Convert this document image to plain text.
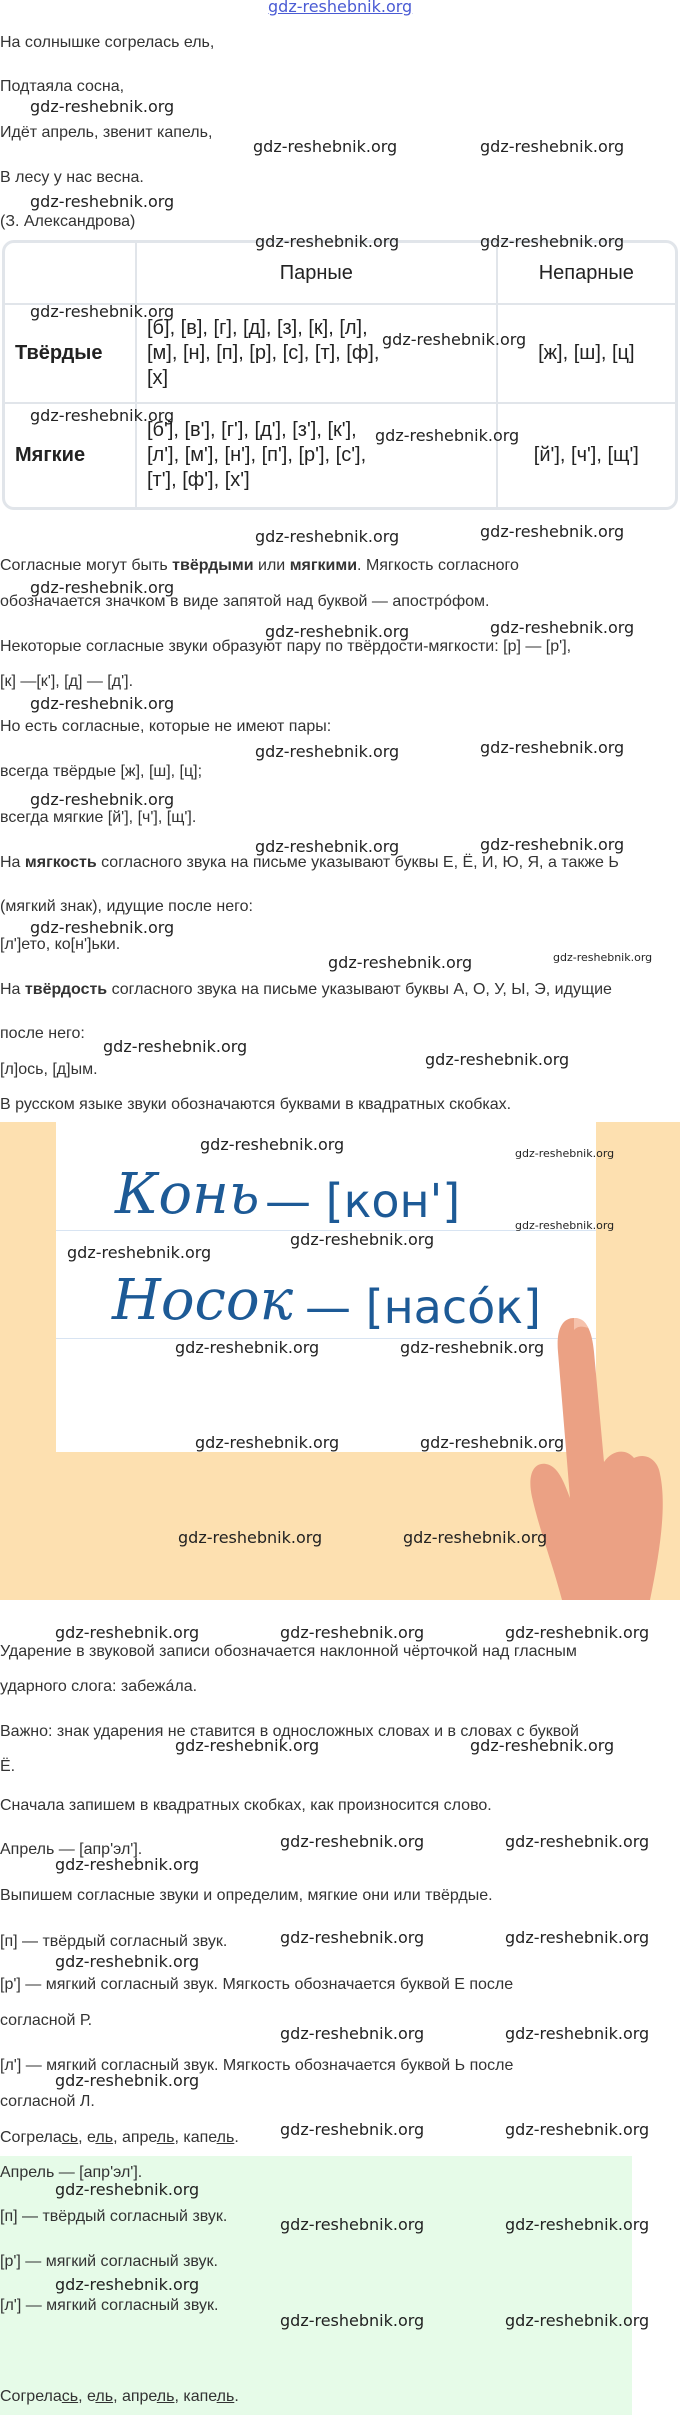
gdz-reshebnik.org
На солнышке согрелась ель,
Подтаяла сосна,
Идёт апрель, звенит капель,
В лесу у нас весна.
(З. Александрова)
	Парные	Непарные
Твёрдые	[б], [в], [г], [д], [з], [к], [л],
[м], [н], [п], [р], [с], [т], [ф],
[х]	[ж], [ш], [ц]
Мягкие	[б'], [в'], [г'], [д'], [з'], [к'],
[л'], [м'], [н'], [п'], [р'], [с'],
[т'], [ф'], [х']	[й'], [ч'], [щ']
Согласные могут быть твёрдыми или мягкими. Мягкость согласного
обозначается значком в виде запятой над буквой — апострóфом.
Некоторые согласные звуки образуют пару по твёрдости-мягкости: [р] — [р'],
[к] —[к'], [д] — [д'].
Но есть согласные, которые не имеют пары:
всегда твёрдые [ж], [ш], [ц];
всегда мягкие [й'], [ч'], [щ'].
На мягкость согласного звука на письме указывают буквы Е, Ё, И, Ю, Я, а также Ь
(мягкий знак), идущие после него:
[л']ето, ко[н']ьки.
На твёрдость согласного звука на письме указывают буквы А, О, У, Ы, Э, идущие
после него:
[л]ось, [д]ым.
В русском языке звуки обозначаются буквами в квадратных скобках.
Конь — [кон']
Носок — [насóк]
Ударение в звуковой записи обозначается наклонной чёрточкой над гласным
ударного слога: забежáла.
Важно: знак ударения не ставится в односложных словах и в словах с буквой
Ё.
Сначала запишем в квадратных скобках, как произносится слово.
Апрель — [апр'эл'].
Выпишем согласные звуки и определим, мягкие они или твёрдые.
[п] — твёрдый согласный звук.
[р'] — мягкий согласный звук. Мягкость обозначается буквой Е после
согласной Р.
[л'] — мягкий согласный звук. Мягкость обозначается буквой Ь после
согласной Л.
Согрелась, ель, апрель, капель.
Апрель — [апр'эл'].
[п] — твёрдый согласный звук.
[р'] — мягкий согласный звук.
[л'] — мягкий согласный звук.
Согрелась, ель, апрель, капель.
gdz-reshebnik.org
gdz-reshebnik.org	gdz-reshebnik.org
gdz-reshebnik.org
gdz-reshebnik.org	gdz-reshebnik.org
gdz-reshebnik.org
gdz-reshebnik.org
gdz-reshebnik.org
gdz-reshebnik.org
gdz-reshebnik.org	gdz-reshebnik.org
gdz-reshebnik.org
gdz-reshebnik.org	gdz-reshebnik.org
gdz-reshebnik.org
gdz-reshebnik.org	gdz-reshebnik.org
gdz-reshebnik.org
gdz-reshebnik.org	gdz-reshebnik.org
gdz-reshebnik.org
gdz-reshebnik.org	gdz-reshebnik.org
gdz-reshebnik.org
gdz-reshebnik.org
gdz-reshebnik.org	gdz-reshebnik.org
gdz-reshebnik.org
gdz-reshebnik.org
gdz-reshebnik.org
gdz-reshebnik.org	gdz-reshebnik.org
gdz-reshebnik.org	gdz-reshebnik.org
gdz-reshebnik.org	gdz-reshebnik.org
gdz-reshebnik.org	gdz-reshebnik.org	gdz-reshebnik.org
gdz-reshebnik.org	gdz-reshebnik.org
gdz-reshebnik.org	gdz-reshebnik.org
gdz-reshebnik.org
gdz-reshebnik.org	gdz-reshebnik.org
gdz-reshebnik.org
gdz-reshebnik.org	gdz-reshebnik.org
gdz-reshebnik.org
gdz-reshebnik.org	gdz-reshebnik.org
gdz-reshebnik.org
gdz-reshebnik.org	gdz-reshebnik.org
gdz-reshebnik.org
gdz-reshebnik.org	gdz-reshebnik.org
